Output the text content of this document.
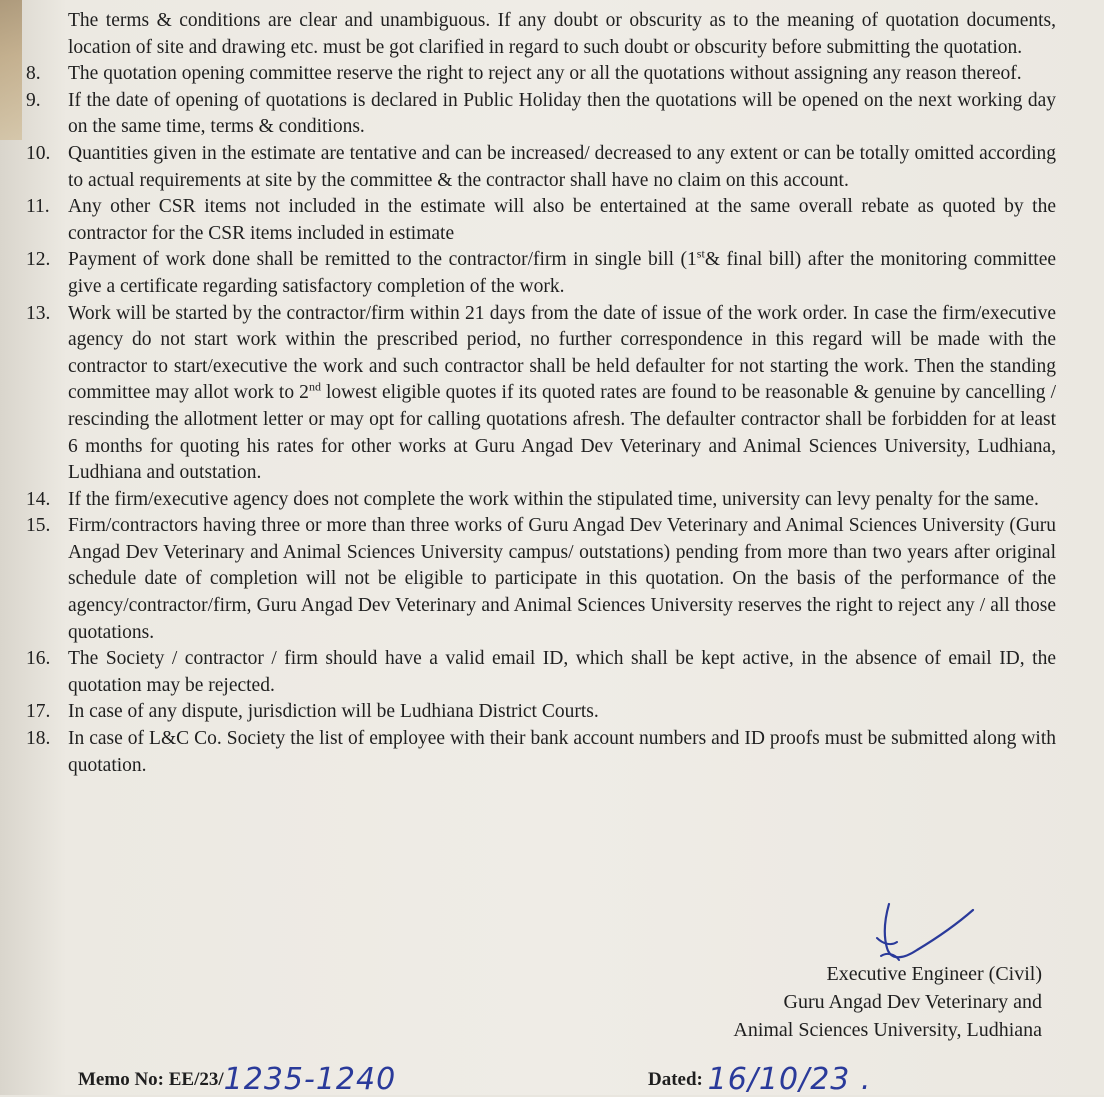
The terms & conditions are clear and unambiguous. If any doubt or obscurity as to the meaning of quotation documents, location of site and drawing etc. must be got clarified in regard to such doubt or obscurity before submitting the quotation.

8.	The quotation opening committee reserve the right to reject any or all the quotations without assigning any reason thereof.
9.	If the date of opening of quotations is declared in Public Holiday then the quotations will be opened on the next working day on the same time, terms & conditions.
10. Quantities given in the estimate are tentative and can be increased/ decreased to any extent or can be totally omitted according to actual requirements at site by the committee & the contractor shall have no claim on this account.
11. Any other CSR items not included in the estimate will also be entertained at the same overall rebate as quoted by the contractor for the CSR items included in estimate
12. Payment of work done shall be remitted to the contractor/firm in single bill (1st& final bill) after the monitoring committee give a certificate regarding satisfactory completion of the work.
13. Work will be started by the contractor/firm within 21 days from the date of issue of the work order. In case the firm/executive agency do not start work within the prescribed period, no further correspondence in this regard will be made with the contractor to start/executive the work and such contractor shall be held defaulter for not starting the work. Then the standing committee may allot work to 2nd lowest eligible quotes if its quoted rates are found to be reasonable & genuine by cancelling / rescinding the allotment letter or may opt for calling quotations afresh. The defaulter contractor shall be forbidden for at least 6 months for quoting his rates for other works at Guru Angad Dev Veterinary and Animal Sciences University, Ludhiana, Ludhiana and outstation.
14. If the firm/executive agency does not complete the work within the stipulated time, university can levy penalty for the same.
15. Firm/contractors having three or more than three works of Guru Angad Dev Veterinary and Animal Sciences University (Guru Angad Dev Veterinary and Animal Sciences University campus/ outstations) pending from more than two years after original schedule date of completion will not be eligible to participate in this quotation. On the basis of the performance of the agency/contractor/firm, Guru Angad Dev Veterinary and Animal Sciences University reserves the right to reject any / all those quotations.
16. The Society / contractor / firm should have a valid email ID, which shall be kept active, in the absence of email ID, the quotation may be rejected.
17. In case of any dispute, jurisdiction will be Ludhiana District Courts.
18. In case of L&C Co. Society the list of employee with their bank account numbers and ID proofs must be submitted along with quotation.
Executive Engineer (Civil)
Guru Angad Dev Veterinary and
Animal Sciences University, Ludhiana
Memo No: EE/23/1235-1240	Dated: 16/10/23 .
